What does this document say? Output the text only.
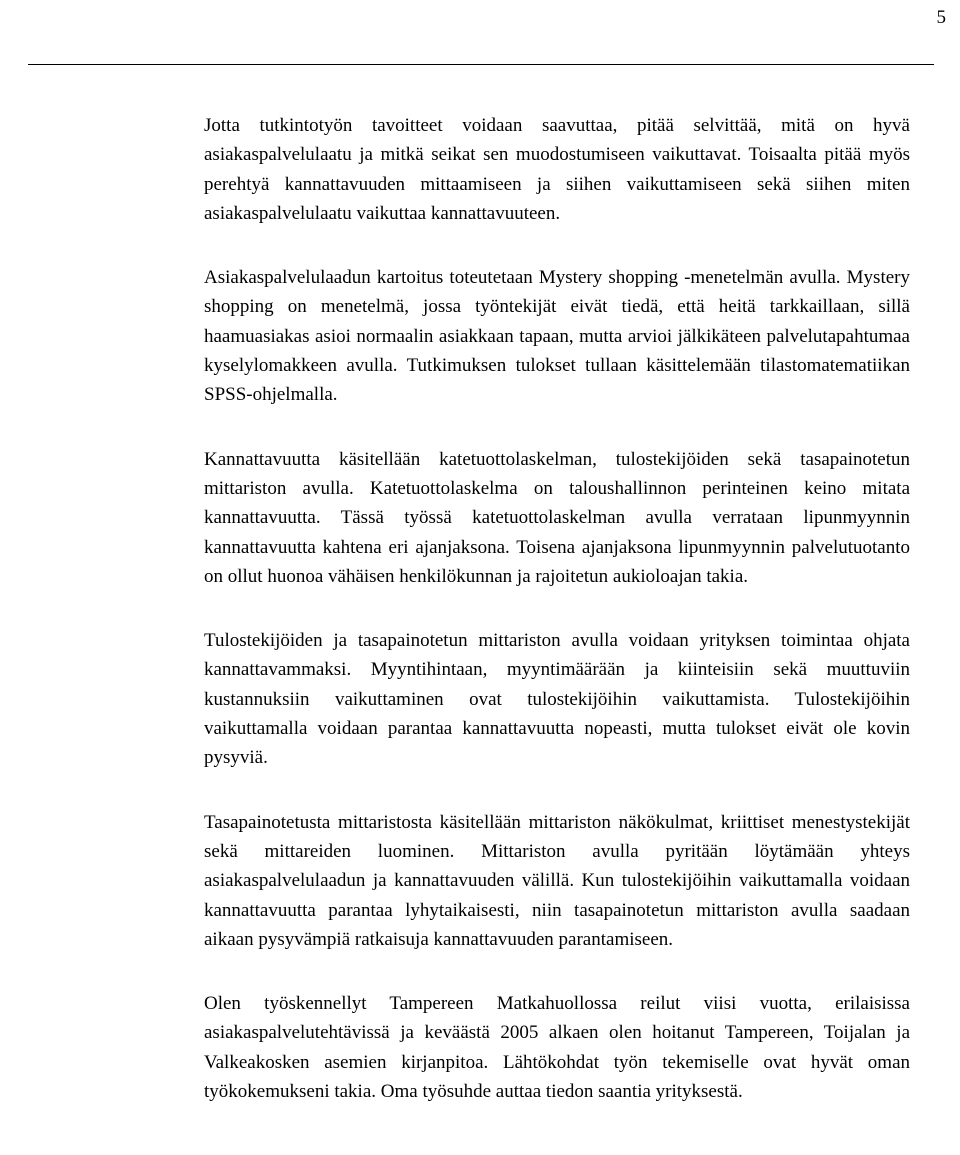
5

Jotta tutkintotyön tavoitteet voidaan saavuttaa, pitää selvittää, mitä on hyvä asiakaspalvelulaatu ja mitkä seikat sen muodostumiseen vaikuttavat. Toisaalta pitää myös perehtyä kannattavuuden mittaamiseen ja siihen vaikuttamiseen sekä siihen miten asiakaspalvelulaatu vaikuttaa kannattavuuteen.

Asiakaspalvelulaadun kartoitus toteutetaan Mystery shopping -menetelmän avulla. Mystery shopping on menetelmä, jossa työntekijät eivät tiedä, että heitä tarkkaillaan, sillä haamuasiakas asioi normaalin asiakkaan tapaan, mutta arvioi jälkikäteen palvelutapahtumaa kyselylomakkeen avulla. Tutkimuksen tulokset tullaan käsittelemään tilastomatematiikan SPSS-ohjelmalla.

Kannattavuutta käsitellään katetuottolaskelman, tulostekijöiden sekä tasapainotetun mittariston avulla. Katetuottolaskelma on taloushallinnon perinteinen keino mitata kannattavuutta. Tässä työssä katetuottolaskelman avulla verrataan lipunmyynnin kannattavuutta kahtena eri ajanjaksona. Toisena ajanjaksona lipunmyynnin palvelutuotanto on ollut huonoa vähäisen henkilökunnan ja rajoitetun aukioloajan takia.

Tulostekijöiden ja tasapainotetun mittariston avulla voidaan yrityksen toimintaa ohjata kannattavammaksi. Myyntihintaan, myyntimäärään ja kiinteisiin sekä muuttuviin kustannuksiin vaikuttaminen ovat tulostekijöihin vaikuttamista. Tulostekijöihin vaikuttamalla voidaan parantaa kannattavuutta nopeasti, mutta tulokset eivät ole kovin pysyviä.

Tasapainotetusta mittaristosta käsitellään mittariston näkökulmat, kriittiset menestystekijät sekä mittareiden luominen. Mittariston avulla pyritään löytämään yhteys asiakaspalvelulaadun ja kannattavuuden välillä. Kun tulostekijöihin vaikuttamalla voidaan kannattavuutta parantaa lyhytaikaisesti, niin tasapainotetun mittariston avulla saadaan aikaan pysyvämpiä ratkaisuja kannattavuuden parantamiseen.

Olen työskennellyt Tampereen Matkahuollossa reilut viisi vuotta, erilaisissa asiakaspalvelutehtävissä ja keväästä 2005 alkaen olen hoitanut Tampereen, Toijalan ja Valkeakosken asemien kirjanpitoa. Lähtökohdat työn tekemiselle ovat hyvät oman työkokemukseni takia. Oma työsuhde auttaa tiedon saantia yrityksestä.
